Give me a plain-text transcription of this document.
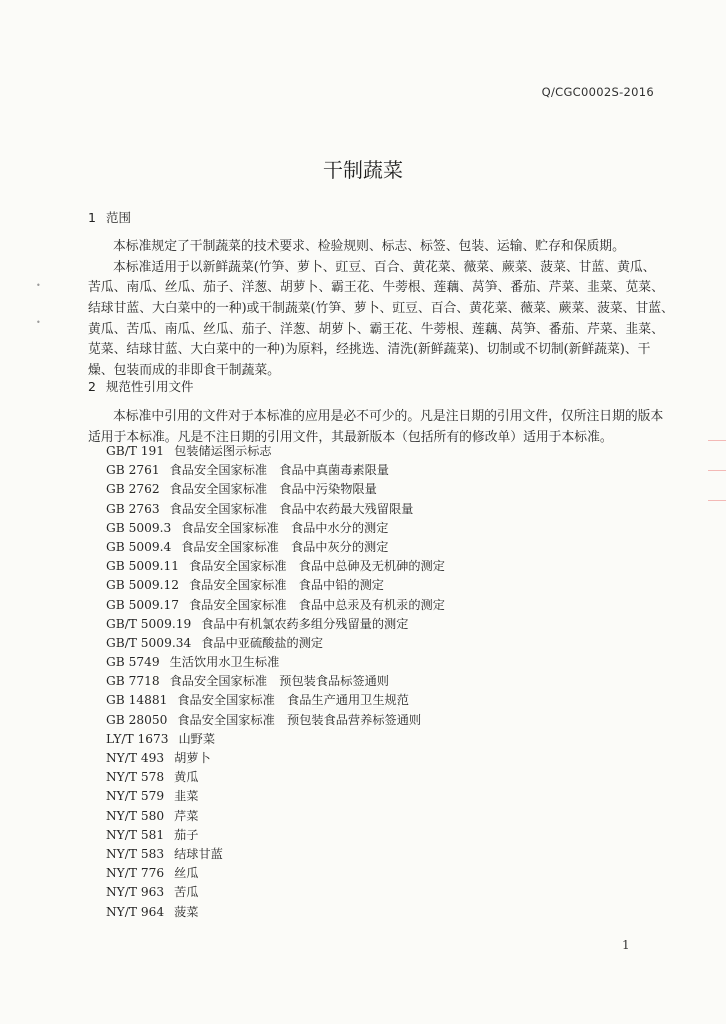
Q/CGC0002S-2016
干制蔬菜
1 范围
本标准规定了干制蔬菜的技术要求、检验规则、标志、标签、包装、运输、贮存和保质期。
本标准适用于以新鲜蔬菜(竹笋、萝卜、豇豆、百合、黄花菜、薇菜、蕨菜、菠菜、甘蓝、黄瓜、
苦瓜、南瓜、丝瓜、茄子、洋葱、胡萝卜、霸王花、牛蒡根、莲藕、莴笋、番茄、芹菜、韭菜、苋菜、
结球甘蓝、大白菜中的一种)或干制蔬菜(竹笋、萝卜、豇豆、百合、黄花菜、薇菜、蕨菜、菠菜、甘蓝、
黄瓜、苦瓜、南瓜、丝瓜、茄子、洋葱、胡萝卜、霸王花、牛蒡根、莲藕、莴笋、番茄、芹菜、韭菜、
苋菜、结球甘蓝、大白菜中的一种)为原料，经挑选、清洗(新鲜蔬菜)、切制或不切制(新鲜蔬菜)、干
燥、包装而成的非即食干制蔬菜。
2 规范性引用文件
本标准中引用的文件对于本标准的应用是必不可少的。凡是注日期的引用文件，仅所注日期的版本
适用于本标准。凡是不注日期的引用文件，其最新版本（包括所有的修改单）适用于本标准。
GB/T 191 包装储运图示标志
GB 2761 食品安全国家标准　食品中真菌毒素限量
GB 2762 食品安全国家标准　食品中污染物限量
GB 2763 食品安全国家标准　食品中农药最大残留限量
GB 5009.3 食品安全国家标准　食品中水分的测定
GB 5009.4 食品安全国家标准　食品中灰分的测定
GB 5009.11 食品安全国家标准　食品中总砷及无机砷的测定
GB 5009.12 食品安全国家标准　食品中铅的测定
GB 5009.17 食品安全国家标准　食品中总汞及有机汞的测定
GB/T 5009.19 食品中有机氯农药多组分残留量的测定
GB/T 5009.34 食品中亚硫酸盐的测定
GB 5749 生活饮用水卫生标准
GB 7718 食品安全国家标准　预包装食品标签通则
GB 14881 食品安全国家标准　食品生产通用卫生规范
GB 28050 食品安全国家标准　预包装食品营养标签通则
LY/T 1673 山野菜
NY/T 493 胡萝卜
NY/T 578 黄瓜
NY/T 579 韭菜
NY/T 580 芹菜
NY/T 581 茄子
NY/T 583 结球甘蓝
NY/T 776 丝瓜
NY/T 963 苦瓜
NY/T 964 菠菜
1
•
•
